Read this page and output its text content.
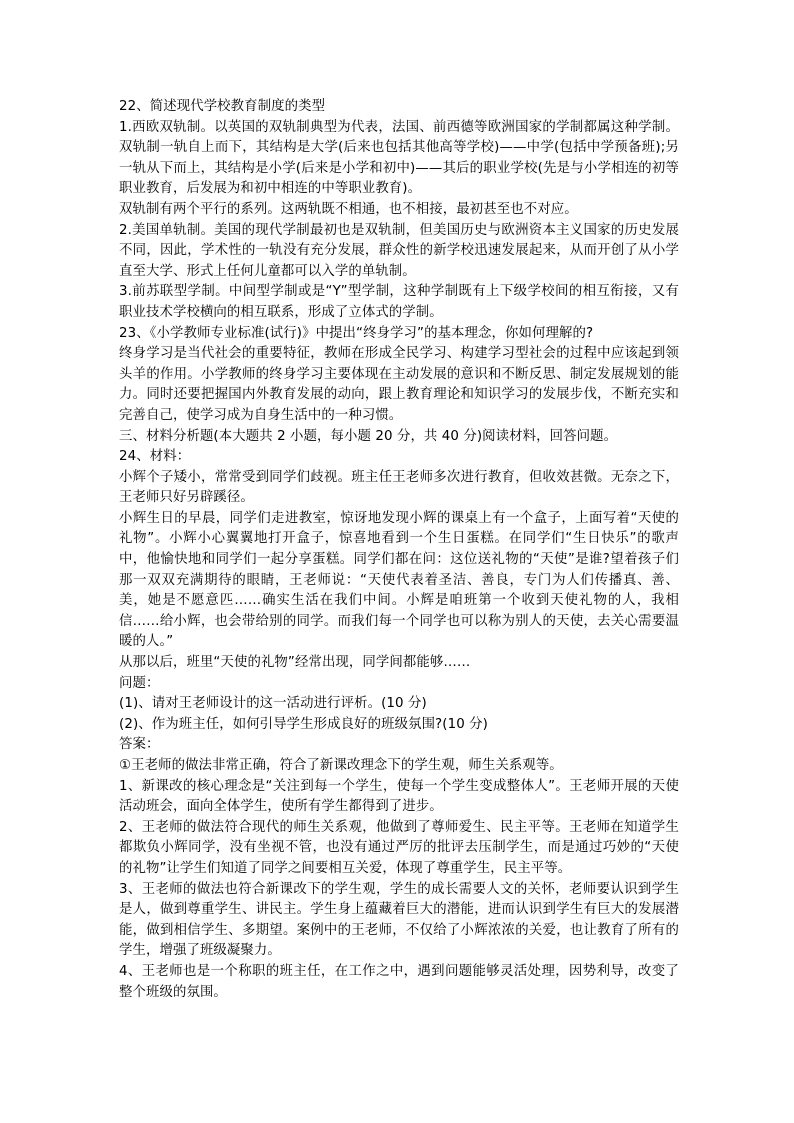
22、简述现代学校教育制度的类型

1.西欧双轨制。以英国的双轨制典型为代表，法国、前西德等欧洲国家的学制都属这种学制。双轨制一轨自上而下，其结构是大学(后来也包括其他高等学校)——中学(包括中学预备班);另一轨从下而上，其结构是小学(后来是小学和初中)——其后的职业学校(先是与小学相连的初等职业教育，后发展为和初中相连的中等职业教育)。

双轨制有两个平行的系列。这两轨既不相通，也不相接，最初甚至也不对应。

2.美国单轨制。美国的现代学制最初也是双轨制，但美国历史与欧洲资本主义国家的历史发展不同，因此，学术性的一轨没有充分发展，群众性的新学校迅速发展起来，从而开创了从小学直至大学、形式上任何儿童都可以入学的单轨制。

3.前苏联型学制。中间型学制或是“Y”型学制，这种学制既有上下级学校间的相互衔接，又有职业技术学校横向的相互联系，形成了立体式的学制。

23、《小学教师专业标准(试行)》中提出“终身学习”的基本理念，你如何理解的?

终身学习是当代社会的重要特征，教师在形成全民学习、构建学习型社会的过程中应该起到领头羊的作用。小学教师的终身学习主要体现在主动发展的意识和不断反思、制定发展规划的能力。同时还要把握国内外教育发展的动向，跟上教育理论和知识学习的发展步伐，不断充实和完善自己，使学习成为自身生活中的一种习惯。

三、材料分析题(本大题共 2 小题，每小题 20 分，共 40 分)阅读材料，回答问题。

24、材料：

小辉个子矮小，常常受到同学们歧视。班主任王老师多次进行教育，但收效甚微。无奈之下，王老师只好另辟蹊径。

小辉生日的早晨，同学们走进教室，惊讶地发现小辉的课桌上有一个盒子，上面写着“天使的礼物”。小辉小心翼翼地打开盒子，惊喜地看到一个生日蛋糕。在同学们“生日快乐”的歌声中，他愉快地和同学们一起分享蛋糕。同学们都在问：这位送礼物的“天使”是谁?望着孩子们那一双双充满期待的眼睛，王老师说：“天使代表着圣洁、善良，专门为人们传播真、善、美，她是不愿意匹……确实生活在我们中间。小辉是咱班第一个收到天使礼物的人，我相信……给小辉，也会带给别的同学。而我们每一个同学也可以称为别人的天使，去关心需要温暖的人。”

从那以后，班里“天使的礼物”经常出现，同学间都能够……

问题：

(1)、请对王老师设计的这一活动进行评析。(10 分)

(2)、作为班主任，如何引导学生形成良好的班级氛围?(10 分)

答案：

①王老师的做法非常正确，符合了新课改理念下的学生观，师生关系观等。

1、新课改的核心理念是“关注到每一个学生，使每一个学生变成整体人”。王老师开展的天使活动班会，面向全体学生，使所有学生都得到了进步。

2、王老师的做法符合现代的师生关系观，他做到了尊师爱生、民主平等。王老师在知道学生都欺负小辉同学，没有坐视不管，也没有通过严厉的批评去压制学生，而是通过巧妙的“天使的礼物”让学生们知道了同学之间要相互关爱，体现了尊重学生，民主平等。

3、王老师的做法也符合新课改下的学生观，学生的成长需要人文的关怀，老师要认识到学生是人，做到尊重学生、讲民主。学生身上蕴藏着巨大的潜能，进而认识到学生有巨大的发展潜能，做到相信学生、多期望。案例中的王老师，不仅给了小辉浓浓的关爱，也让教育了所有的学生，增强了班级凝聚力。

4、王老师也是一个称职的班主任，在工作之中，遇到问题能够灵活处理，因势利导，改变了整个班级的氛围。
